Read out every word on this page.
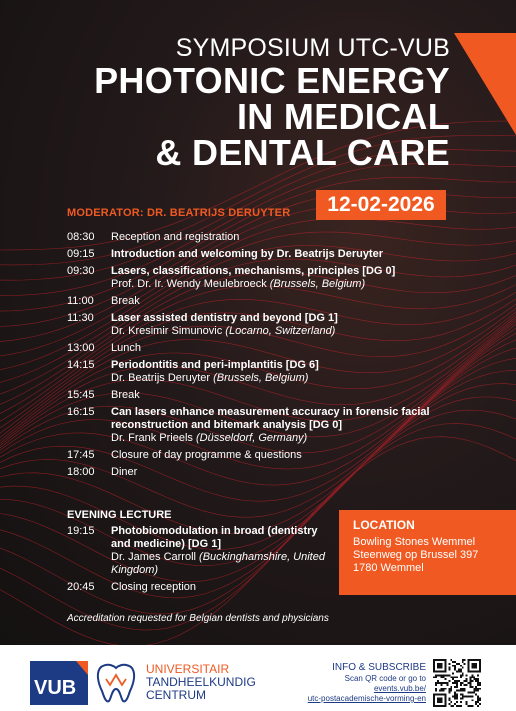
SYMPOSIUM UTC-VUB
PHOTONIC ENERGY
IN MEDICAL
& DENTAL CARE
12-02-2026
MODERATOR: DR. BEATRIJS DERUYTER
08:30	Reception and registration
09:15	Introduction and welcoming by Dr. Beatrijs Deruyter
09:30	Lasers, classifications, mechanisms, principles [DG 0]
Prof. Dr. Ir. Wendy Meulebroeck (Brussels, Belgium)
11:00	Break
11:30	Laser assisted dentistry and beyond [DG 1]
Dr. Kresimir Simunovic (Locarno, Switzerland)
13:00	Lunch
14:15	Periodontitis and peri-implantitis [DG 6]
Dr. Beatrijs Deruyter (Brussels, Belgium)
15:45	Break
16:15	Can lasers enhance measurement accuracy in forensic facial reconstruction and bitemark analysis [DG 0]
Dr. Frank Prieels (Düsseldorf, Germany)
17:45	Closure of day programme & questions
18:00	Diner
EVENING LECTURE
19:15	Photobiomodulation in broad (dentistry and medicine) [DG 1]
Dr. James Carroll (Buckinghamshire, United Kingdom)
20:45	Closing reception
LOCATION
Bowling Stones Wemmel
Steenweg op Brussel 397
1780 Wemmel
Accreditation requested for Belgian dentists and physicians
VUB
UNIVERSITAIR
TANDHEELKUNDIG
CENTRUM
INFO & SUBSCRIBE
Scan QR code or go to
events.vub.be/
utc-postacademische-vorming-en
